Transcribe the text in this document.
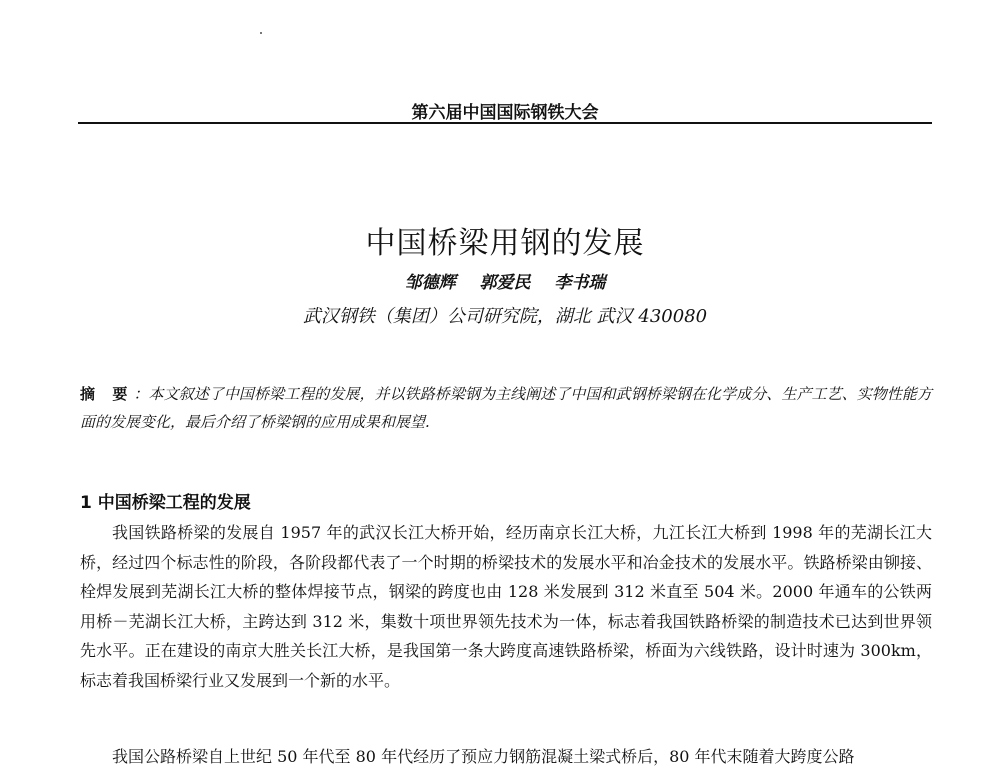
第六届中国国际钢铁大会
中国桥梁用钢的发展
邹德辉 郭爱民 李书瑞
武汉钢铁（集团）公司研究院，湖北 武汉 430080
摘 要：本文叙述了中国桥梁工程的发展，并以铁路桥梁钢为主线阐述了中国和武钢桥梁钢在化学成分、生产工艺、实物性能方面的发展变化，最后介绍了桥梁钢的应用成果和展望.
1 中国桥梁工程的发展

我国铁路桥梁的发展自 1957 年的武汉长江大桥开始，经历南京长江大桥，九江长江大桥到 1998 年的芜湖长江大桥，经过四个标志性的阶段，各阶段都代表了一个时期的桥梁技术的发展水平和冶金技术的发展水平。铁路桥梁由铆接、栓焊发展到芜湖长江大桥的整体焊接节点，钢梁的跨度也由 128 米发展到 312 米直至 504 米。2000 年通车的公铁两用桥－芜湖长江大桥，主跨达到 312 米，集数十项世界领先技术为一体，标志着我国铁路桥梁的制造技术已达到世界领先水平。正在建设的南京大胜关长江大桥，是我国第一条大跨度高速铁路桥梁，桥面为六线铁路，设计时速为 300km，标志着我国桥梁行业又发展到一个新的水平。

我国公路桥梁自上世纪 50 年代至 80 年代经历了预应力钢筋混凝土梁式桥后，80 年代末随着大跨度公路
